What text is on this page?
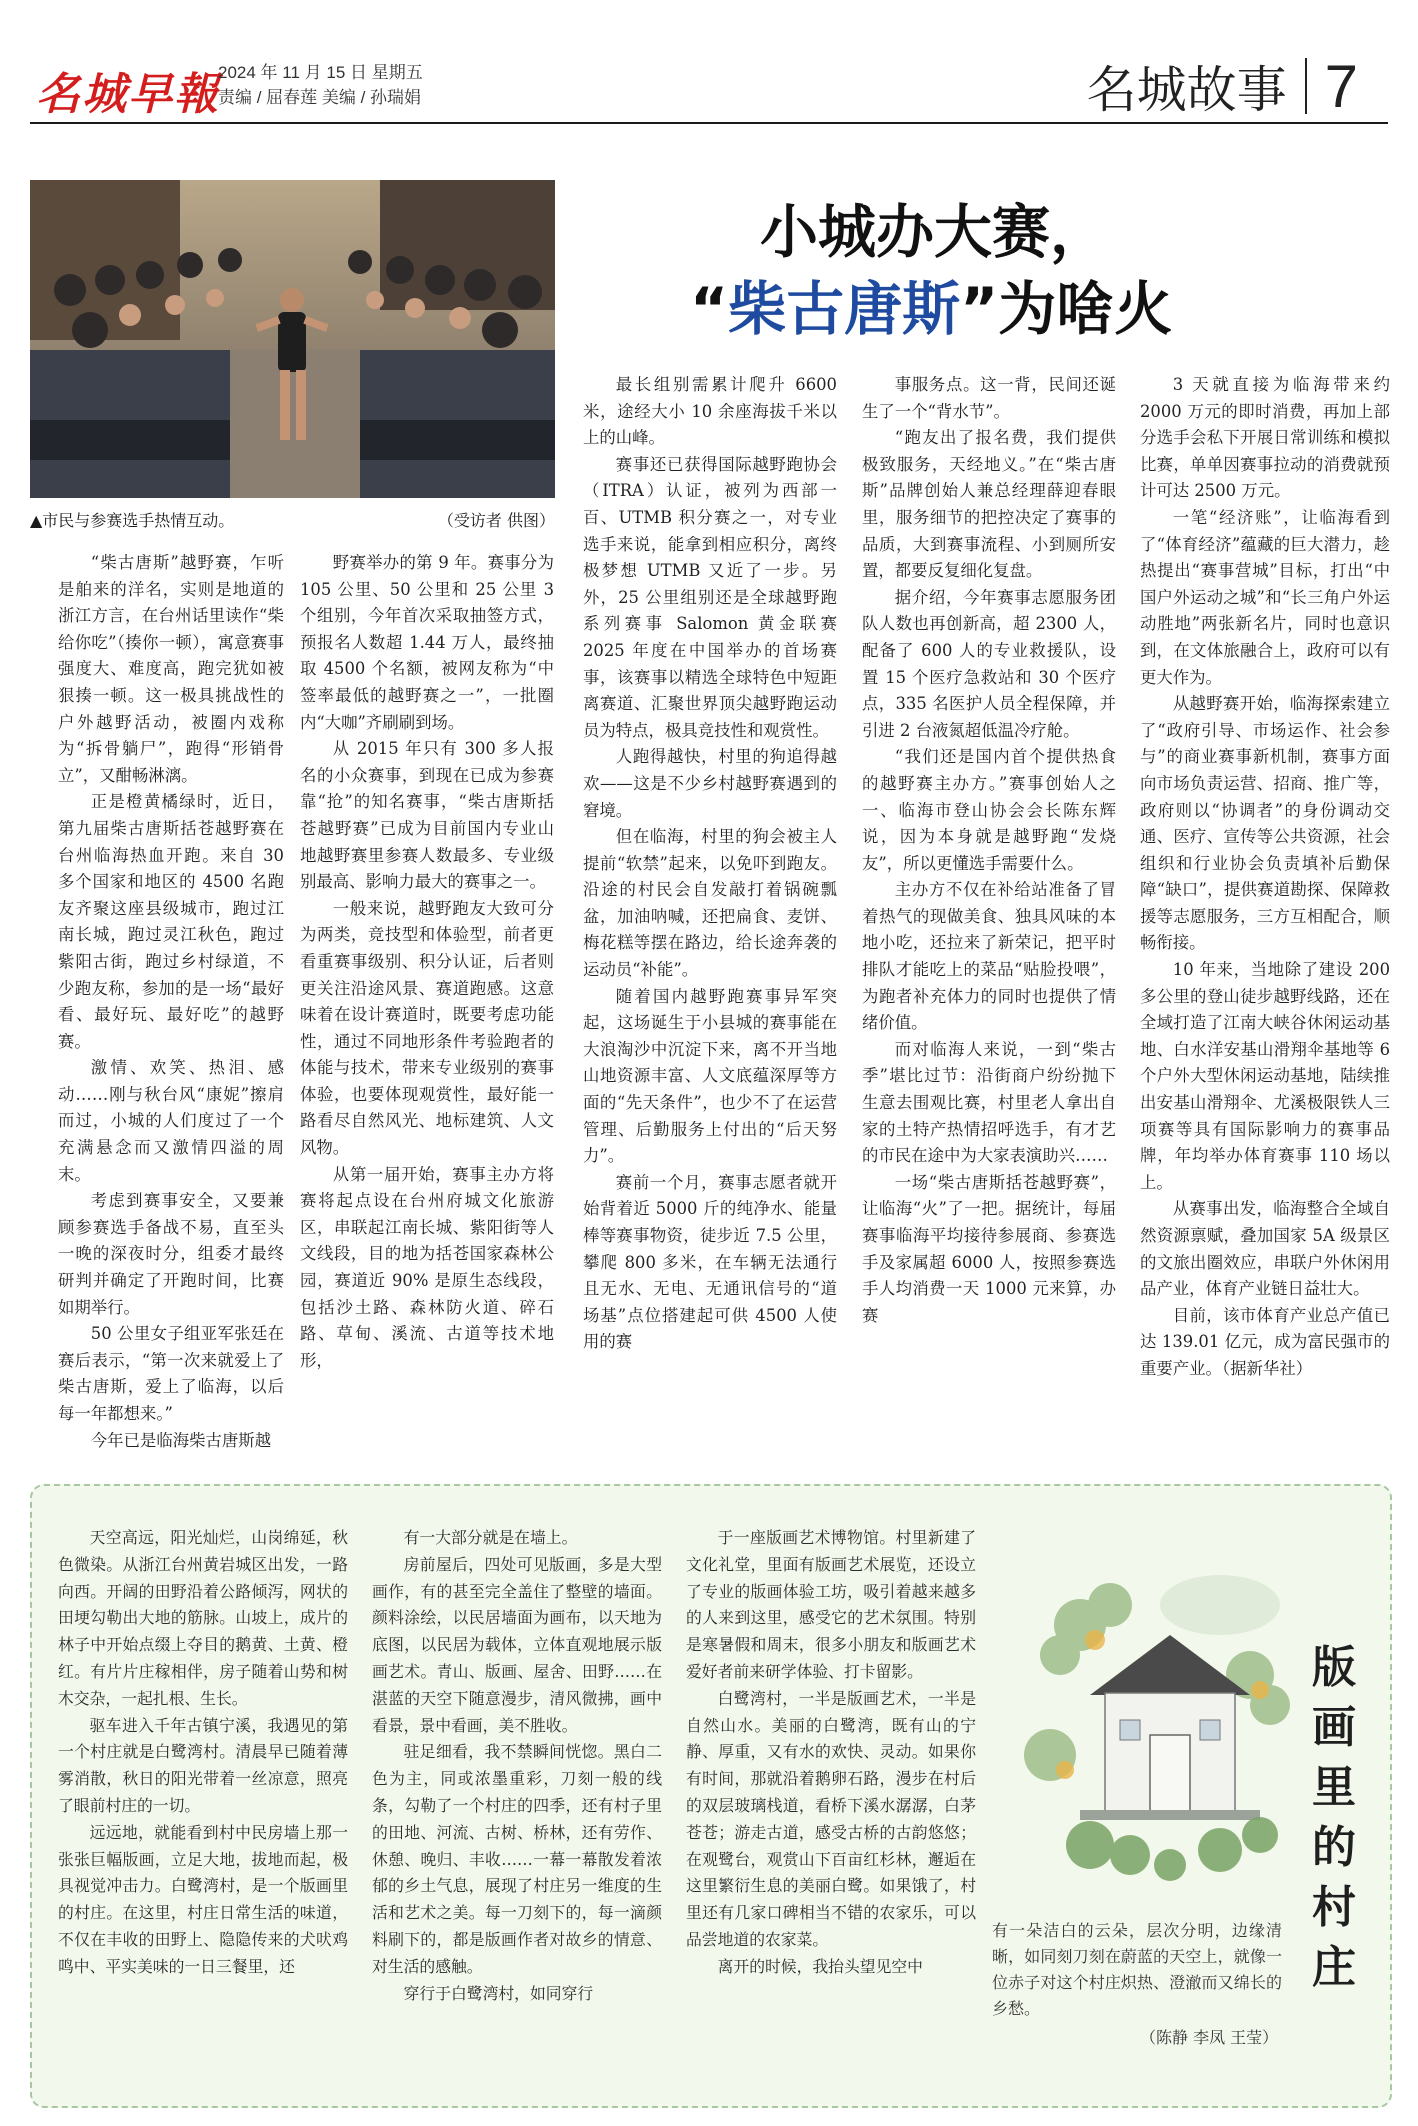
名城早報
2024 年 11 月 15 日 星期五
责编 / 屈春莲 美编 / 孙瑞娟	名城故事 7
▲市民与参赛选手热情互动。	（受访者 供图）
小城办大赛，
“柴古唐斯”为啥火

“柴古唐斯”越野赛，乍听是舶来的洋名，实则是地道的浙江方言，在台州话里读作“柴给你吃”（揍你一顿），寓意赛事强度大、难度高，跑完犹如被狠揍一顿。这一极具挑战性的户外越野活动，被圈内戏称为“拆骨躺尸”，跑得“形销骨立”，又酣畅淋漓。

正是橙黄橘绿时，近日，第九届柴古唐斯括苍越野赛在台州临海热血开跑。来自 30 多个国家和地区的 4500 名跑友齐聚这座县级城市，跑过江南长城，跑过灵江秋色，跑过紫阳古街，跑过乡村绿道，不少跑友称，参加的是一场“最好看、最好玩、最好吃”的越野赛。

激情、欢笑、热泪、感动……刚与秋台风“康妮”擦肩而过，小城的人们度过了一个充满悬念而又激情四溢的周末。

考虑到赛事安全，又要兼顾参赛选手备战不易，直至头一晚的深夜时分，组委才最终研判并确定了开跑时间，比赛如期举行。

50 公里女子组亚军张廷在赛后表示，“第一次来就爱上了柴古唐斯，爱上了临海，以后每一年都想来。”

今年已是临海柴古唐斯越

野赛举办的第 9 年。赛事分为 105 公里、50 公里和 25 公里 3 个组别，今年首次采取抽签方式，预报名人数超 1.44 万人，最终抽取 4500 个名额，被网友称为“中签率最低的越野赛之一”，一批圈内“大咖”齐刷刷到场。

从 2015 年只有 300 多人报名的小众赛事，到现在已成为参赛靠“抢”的知名赛事，“柴古唐斯括苍越野赛”已成为目前国内专业山地越野赛里参赛人数最多、专业级别最高、影响力最大的赛事之一。

一般来说，越野跑友大致可分为两类，竞技型和体验型，前者更看重赛事级别、积分认证，后者则更关注沿途风景、赛道跑感。这意味着在设计赛道时，既要考虑功能性，通过不同地形条件考验跑者的体能与技术，带来专业级别的赛事体验，也要体现观赏性，最好能一路看尽自然风光、地标建筑、人文风物。

从第一届开始，赛事主办方将赛将起点设在台州府城文化旅游区，串联起江南长城、紫阳街等人文线段，目的地为括苍国家森林公园，赛道近 90% 是原生态线段，包括沙土路、森林防火道、碎石路、草甸、溪流、古道等技术地形，

最长组别需累计爬升 6600 米，途经大小 10 余座海拔千米以上的山峰。

赛事还已获得国际越野跑协会（ITRA）认证，被列为西部一百、UTMB 积分赛之一，对专业选手来说，能拿到相应积分，离终极梦想 UTMB 又近了一步。另外，25 公里组别还是全球越野跑系列赛事 Salomon 黄金联赛 2025 年度在中国举办的首场赛事，该赛事以精选全球特色中短距离赛道、汇聚世界顶尖越野跑运动员为特点，极具竞技性和观赏性。

人跑得越快，村里的狗追得越欢——这是不少乡村越野赛遇到的窘境。

但在临海，村里的狗会被主人提前“软禁”起来，以免吓到跑友。沿途的村民会自发敲打着锅碗瓢盆，加油呐喊，还把扁食、麦饼、梅花糕等摆在路边，给长途奔袭的运动员“补能”。

随着国内越野跑赛事异军突起，这场诞生于小县城的赛事能在大浪淘沙中沉淀下来，离不开当地山地资源丰富、人文底蕴深厚等方面的“先天条件”，也少不了在运营管理、后勤服务上付出的“后天努力”。

赛前一个月，赛事志愿者就开始背着近 5000 斤的纯净水、能量棒等赛事物资，徒步近 7.5 公里，攀爬 800 多米，在车辆无法通行且无水、无电、无通讯信号的“道场基”点位搭建起可供 4500 人使用的赛

事服务点。这一背，民间还诞生了一个“背水节”。

“跑友出了报名费，我们提供极致服务，天经地义。”在“柴古唐斯”品牌创始人兼总经理薛迎春眼里，服务细节的把控决定了赛事的品质，大到赛事流程、小到厕所安置，都要反复细化复盘。

据介绍，今年赛事志愿服务团队人数也再创新高，超 2300 人，配备了 600 人的专业救援队，设置 15 个医疗急救站和 30 个医疗点，335 名医护人员全程保障，并引进 2 台液氮超低温冷疗舱。

“我们还是国内首个提供热食的越野赛主办方。”赛事创始人之一、临海市登山协会会长陈东辉说，因为本身就是越野跑“发烧友”，所以更懂选手需要什么。

主办方不仅在补给站准备了冒着热气的现做美食、独具风味的本地小吃，还拉来了新荣记，把平时排队才能吃上的菜品“贴脸投喂”，为跑者补充体力的同时也提供了情绪价值。

而对临海人来说，一到“柴古季”堪比过节：沿街商户纷纷抛下生意去围观比赛，村里老人拿出自家的土特产热情招呼选手，有才艺的市民在途中为大家表演助兴……

一场“柴古唐斯括苍越野赛”，让临海“火”了一把。据统计，每届赛事临海平均接待参展商、参赛选手及家属超 6000 人，按照参赛选手人均消费一天 1000 元来算，办赛

3 天就直接为临海带来约 2000 万元的即时消费，再加上部分选手会私下开展日常训练和模拟比赛，单单因赛事拉动的消费就预计可达 2500 万元。

一笔“经济账”，让临海看到了“体育经济”蕴藏的巨大潜力，趁热提出“赛事营城”目标，打出“中国户外运动之城”和“长三角户外运动胜地”两张新名片，同时也意识到，在文体旅融合上，政府可以有更大作为。

从越野赛开始，临海探索建立了“政府引导、市场运作、社会参与”的商业赛事新机制，赛事方面向市场负责运营、招商、推广等，政府则以“协调者”的身份调动交通、医疗、宣传等公共资源，社会组织和行业协会负责填补后勤保障“缺口”，提供赛道勘探、保障救援等志愿服务，三方互相配合，顺畅衔接。

10 年来，当地除了建设 200 多公里的登山徒步越野线路，还在全域打造了江南大峡谷休闲运动基地、白水洋安基山滑翔伞基地等 6 个户外大型休闲运动基地，陆续推出安基山滑翔伞、尤溪极限铁人三项赛等具有国际影响力的赛事品牌，年均举办体育赛事 110 场以上。

从赛事出发，临海整合全域自然资源禀赋，叠加国家 5A 级景区的文旅出圈效应，串联户外休闲用品产业，体育产业链日益壮大。

目前，该市体育产业总产值已达 139.01 亿元，成为富民强市的重要产业。（据新华社）

天空高远，阳光灿烂，山岗绵延，秋色微染。从浙江台州黄岩城区出发，一路向西。开阔的田野沿着公路倾泻，网状的田埂勾勒出大地的筋脉。山坡上，成片的林子中开始点缀上夺目的鹅黄、土黄、橙红。有片片庄稼相伴，房子随着山势和树木交杂，一起扎根、生长。

驱车进入千年古镇宁溪，我遇见的第一个村庄就是白鹭湾村。清晨早已随着薄雾消散，秋日的阳光带着一丝凉意，照亮了眼前村庄的一切。

远远地，就能看到村中民房墙上那一张张巨幅版画，立足大地，拔地而起，极具视觉冲击力。白鹭湾村，是一个版画里的村庄。在这里，村庄日常生活的味道，不仅在丰收的田野上、隐隐传来的犬吠鸡鸣中、平实美味的一日三餐里，还

有一大部分就是在墙上。

房前屋后，四处可见版画，多是大型画作，有的甚至完全盖住了整壁的墙面。颜料涂绘，以民居墙面为画布，以天地为底图，以民居为载体，立体直观地展示版画艺术。青山、版画、屋舍、田野……在湛蓝的天空下随意漫步，清风微拂，画中看景，景中看画，美不胜收。

驻足细看，我不禁瞬间恍惚。黑白二色为主，同或浓墨重彩，刀刻一般的线条，勾勒了一个村庄的四季，还有村子里的田地、河流、古树、桥林，还有劳作、休憩、晚归、丰收……一幕一幕散发着浓郁的乡土气息，展现了村庄另一维度的生活和艺术之美。每一刀刻下的，每一滴颜料刷下的，都是版画作者对故乡的情意、对生活的感触。

穿行于白鹭湾村，如同穿行

于一座版画艺术博物馆。村里新建了文化礼堂，里面有版画艺术展览，还设立了专业的版画体验工坊，吸引着越来越多的人来到这里，感受它的艺术氛围。特别是寒暑假和周末，很多小朋友和版画艺术爱好者前来研学体验、打卡留影。

白鹭湾村，一半是版画艺术，一半是自然山水。美丽的白鹭湾，既有山的宁静、厚重，又有水的欢快、灵动。如果你有时间，那就沿着鹅卵石路，漫步在村后的双层玻璃栈道，看桥下溪水潺潺，白茅苍苍；游走古道，感受古桥的古韵悠悠；在观鹭台，观赏山下百亩红杉林，邂逅在这里繁衍生息的美丽白鹭。如果饿了，村里还有几家口碑相当不错的农家乐，可以品尝地道的农家菜。

离开的时候，我抬头望见空中

版画里的村庄
有一朵洁白的云朵，层次分明，边缘清晰，如同刻刀刻在蔚蓝的天空上，就像一位赤子对这个村庄炽热、澄澈而又绵长的乡愁。
（陈静 李凤 王莹）
